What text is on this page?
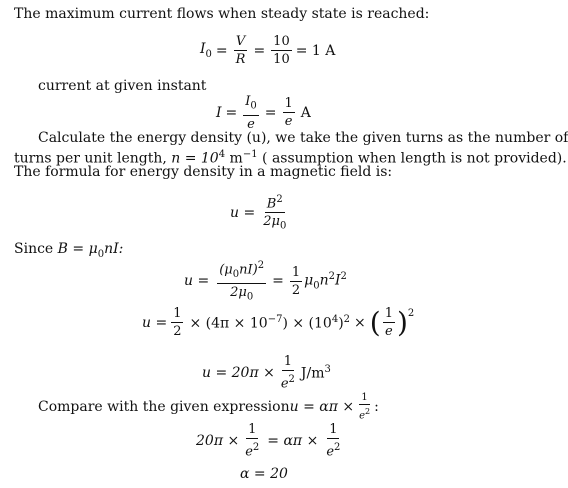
The maximum current flows when steady state is reached:
$I_0 = \frac{V}{R} = \frac{10}{10} = 1$ A
current at given instant
$I = \frac{I_0}{e} = \frac{1}{e}$ A
Calculate the energy density (u), we take the given turns as the number of
turns per unit length, $n = 10^4$ $m^{-1}$ ( assumption when length is not provided).
The formula for energy density in a magnetic field is:
$u = \frac{B^2}{2\mu_0}$
Since $B = \mu_0nI$:
$u = \frac{(\mu_0nI)^2}{2\mu_0} = \frac{1}{2} \mu_0n^2I^2$
$u = \frac{1}{2} \times (4\pi \times 10^{-7}) \times (10^4)^2$ × ( $\frac{1}{e} )^2$
$u = 20\pi \times \frac{1}{e^2} J/m^3$
Compare with the given expression $u = \alpha\pi \times \frac{1}{e^2}$ :
$20\pi \times \frac{1}{e^2} = \alpha\pi \times \frac{1}{e^2}$
α = 20
